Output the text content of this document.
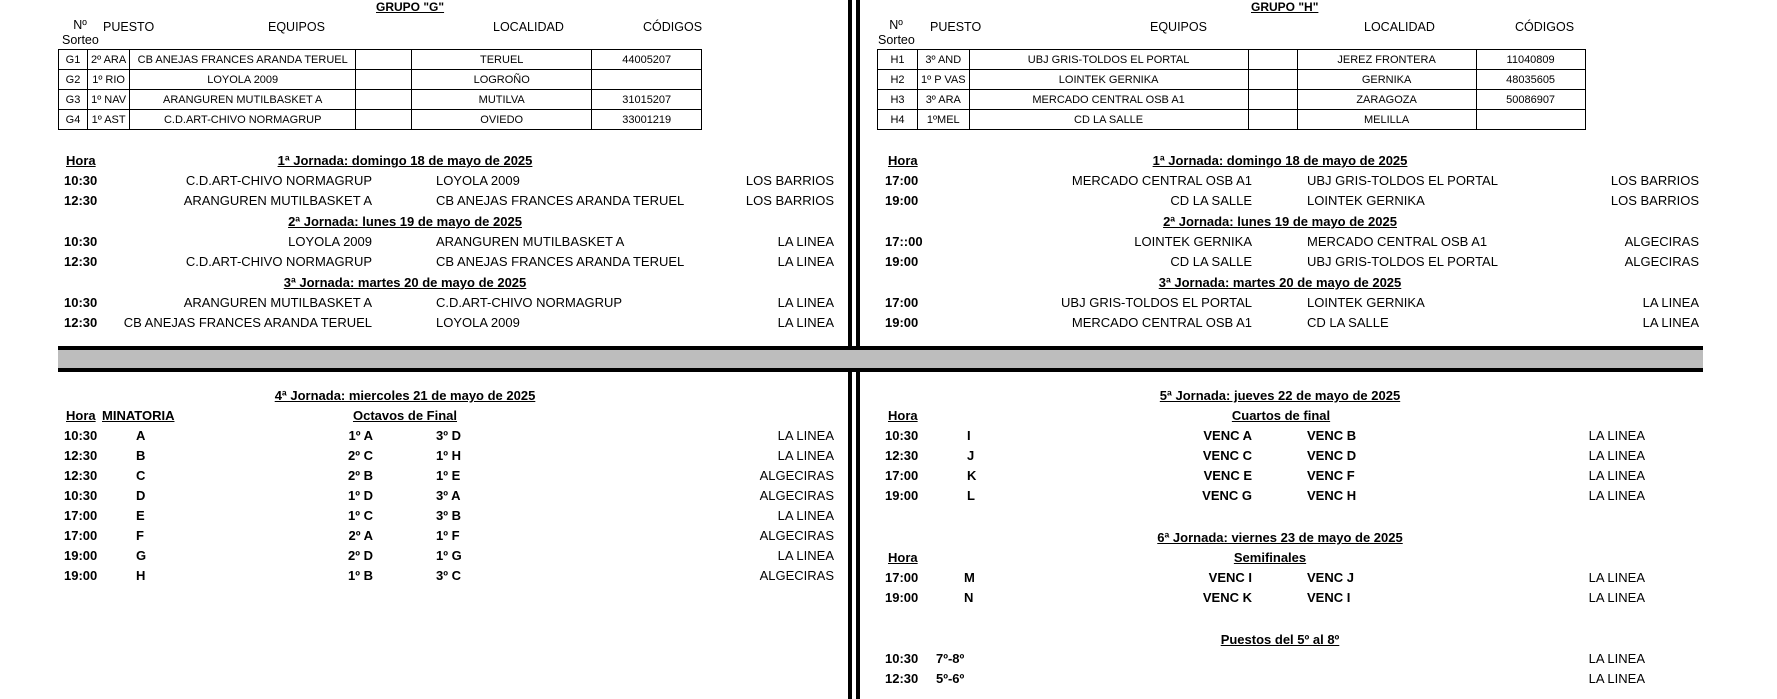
GRUPO "G"
Nº
Sorteo
PUESTO	EQUIPOS	LOCALIDAD	CÓDIGOS
G1	2º ARA	CB ANEJAS FRANCES ARANDA TERUEL		TERUEL	44005207
G2	1º RIO	LOYOLA 2009		LOGROÑO	
G3	1º NAV	ARANGUREN MUTILBASKET A		MUTILVA	31015207
G4	1º AST	C.D.ART-CHIVO NORMAGRUP		OVIEDO	33001219
Hora	1ª Jornada: domingo 18 de mayo de 2025
10:30	C.D.ART-CHIVO NORMAGRUP	LOYOLA 2009	LOS BARRIOS
12:30	ARANGUREN MUTILBASKET A	CB ANEJAS FRANCES ARANDA TERUEL	LOS BARRIOS
2ª Jornada: lunes 19 de mayo de 2025
10:30	LOYOLA 2009	ARANGUREN MUTILBASKET A	LA LINEA
12:30	C.D.ART-CHIVO NORMAGRUP	CB ANEJAS FRANCES ARANDA TERUEL	LA LINEA
3ª Jornada: martes 20 de mayo de 2025
10:30	ARANGUREN MUTILBASKET A	C.D.ART-CHIVO NORMAGRUP	LA LINEA
12:30 CB ANEJAS FRANCES ARANDA TERUEL	LOYOLA 2009	LA LINEA
GRUPO "H"
Nº
Sorteo
PUESTO	EQUIPOS	LOCALIDAD	CÓDIGOS
H1	3º AND	UBJ GRIS-TOLDOS EL PORTAL		JEREZ FRONTERA	11040809
H2	1º P VAS	LOINTEK GERNIKA		GERNIKA	48035605
H3	3º ARA	MERCADO CENTRAL OSB A1		ZARAGOZA	50086907
H4	1ºMEL	CD LA SALLE		MELILLA	
Hora	1ª Jornada: domingo 18 de mayo de 2025
17:00	MERCADO CENTRAL OSB A1	UBJ GRIS-TOLDOS EL PORTAL	LOS BARRIOS
19:00	CD LA SALLE	LOINTEK GERNIKA	LOS BARRIOS
2ª Jornada: lunes 19 de mayo de 2025
17::00	LOINTEK GERNIKA	MERCADO CENTRAL OSB A1	ALGECIRAS
19:00	CD LA SALLE	UBJ GRIS-TOLDOS EL PORTAL	ALGECIRAS
3ª Jornada: martes 20 de mayo de 2025
17:00	UBJ GRIS-TOLDOS EL PORTAL	LOINTEK GERNIKA	LA LINEA
19:00	MERCADO CENTRAL OSB A1	CD LA SALLE	LA LINEA
4ª Jornada: miercoles 21 de mayo de 2025
Hora MINATORIA	Octavos de Final
10:30	A	1º A	3º D	LA LINEA
12:30	B	2º C	1º H	LA LINEA
12:30	C	2º B	1º E	ALGECIRAS
10:30	D	1º D	3º A	ALGECIRAS
17:00	E	1º C	3º B	LA LINEA
17:00	F	2º A	1º F	ALGECIRAS
19:00	G	2º D	1º G	LA LINEA
19:00	H	1º B	3º C	ALGECIRAS
5ª Jornada: jueves 22 de mayo de 2025
Hora	Cuartos de final
10:30	I	VENC A	VENC B	LA LINEA
12:30	J	VENC C	VENC D	LA LINEA
17:00	K	VENC E	VENC F	LA LINEA
19:00	L	VENC G	VENC H	LA LINEA
6ª Jornada: viernes 23 de mayo de 2025
Hora	Semifinales
17:00	M	VENC I	VENC J	LA LINEA
19:00	N	VENC K	VENC I	LA LINEA
Puestos del 5º al 8º
10:30 7º-8º	LA LINEA
12:30 5º-6º	LA LINEA
